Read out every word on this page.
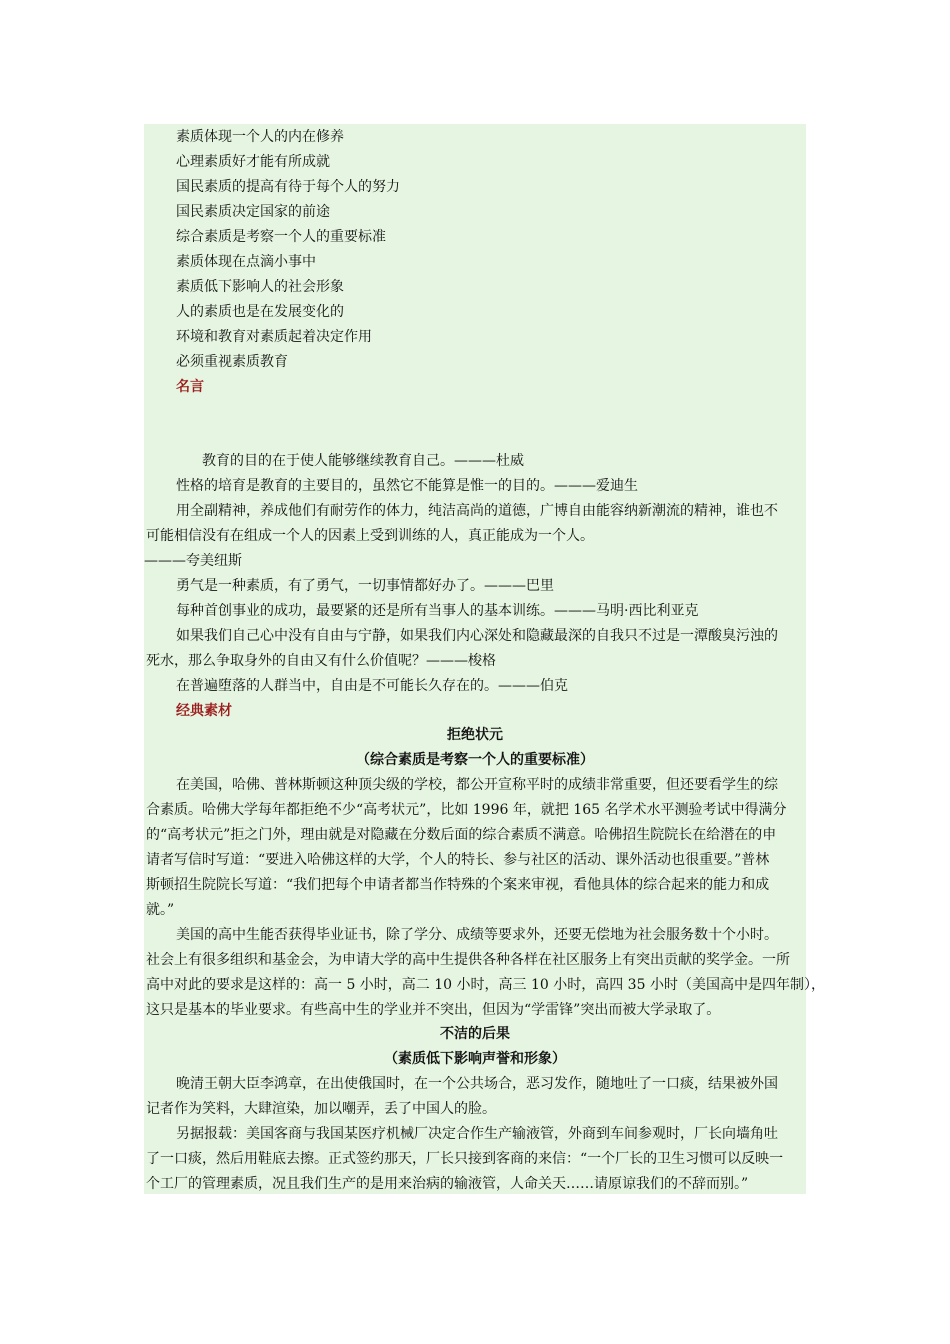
素质体现一个人的内在修养

心理素质好才能有所成就

国民素质的提高有待于每个人的努力

国民素质决定国家的前途

综合素质是考察一个人的重要标准

素质体现在点滴小事中

素质低下影响人的社会形象

人的素质也是在发展变化的

环境和教育对素质起着决定作用

必须重视素质教育

名言

教育的目的在于使人能够继续教育自己。———杜威

性格的培育是教育的主要目的，虽然它不能算是惟一的目的。———爱迪生

用全副精神，养成他们有耐劳作的体力，纯洁高尚的道德，广博自由能容纳新潮流的精神，谁也不

可能相信没有在组成一个人的因素上受到训练的人，真正能成为一个人。

———夸美纽斯

勇气是一种素质，有了勇气，一切事情都好办了。———巴里

每种首创事业的成功，最要紧的还是所有当事人的基本训练。———马明·西比利亚克

如果我们自己心中没有自由与宁静，如果我们内心深处和隐藏最深的自我只不过是一潭酸臭污浊的

死水，那么争取身外的自由又有什么价值呢？———梭格

在普遍堕落的人群当中，自由是不可能长久存在的。———伯克

经典素材

拒绝状元

（综合素质是考察一个人的重要标准）

在美国，哈佛、普林斯顿这种顶尖级的学校，都公开宣称平时的成绩非常重要，但还要看学生的综

合素质。哈佛大学每年都拒绝不少“高考状元”，比如 1996 年，就把 165 名学术水平测验考试中得满分

的“高考状元”拒之门外，理由就是对隐藏在分数后面的综合素质不满意。哈佛招生院院长在给潜在的申

请者写信时写道：“要进入哈佛这样的大学，个人的特长、参与社区的活动、课外活动也很重要。”普林

斯顿招生院院长写道：“我们把每个申请者都当作特殊的个案来审视，看他具体的综合起来的能力和成

就。”

美国的高中生能否获得毕业证书，除了学分、成绩等要求外，还要无偿地为社会服务数十个小时。

社会上有很多组织和基金会，为申请大学的高中生提供各种各样在社区服务上有突出贡献的奖学金。一所

高中对此的要求是这样的：高一 5 小时，高二 10 小时，高三 10 小时，高四 35 小时（美国高中是四年制），

这只是基本的毕业要求。有些高中生的学业并不突出，但因为“学雷锋”突出而被大学录取了。

不洁的后果

（素质低下影响声誉和形象）

晚清王朝大臣李鸿章，在出使俄国时，在一个公共场合，恶习发作，随地吐了一口痰，结果被外国

记者作为笑料，大肆渲染，加以嘲弄，丢了中国人的脸。

另据报载：美国客商与我国某医疗机械厂决定合作生产输液管，外商到车间参观时，厂长向墙角吐

了一口痰，然后用鞋底去擦。正式签约那天，厂长只接到客商的来信：“一个厂长的卫生习惯可以反映一

个工厂的管理素质，况且我们生产的是用来治病的输液管，人命关天……请原谅我们的不辞而别。”
